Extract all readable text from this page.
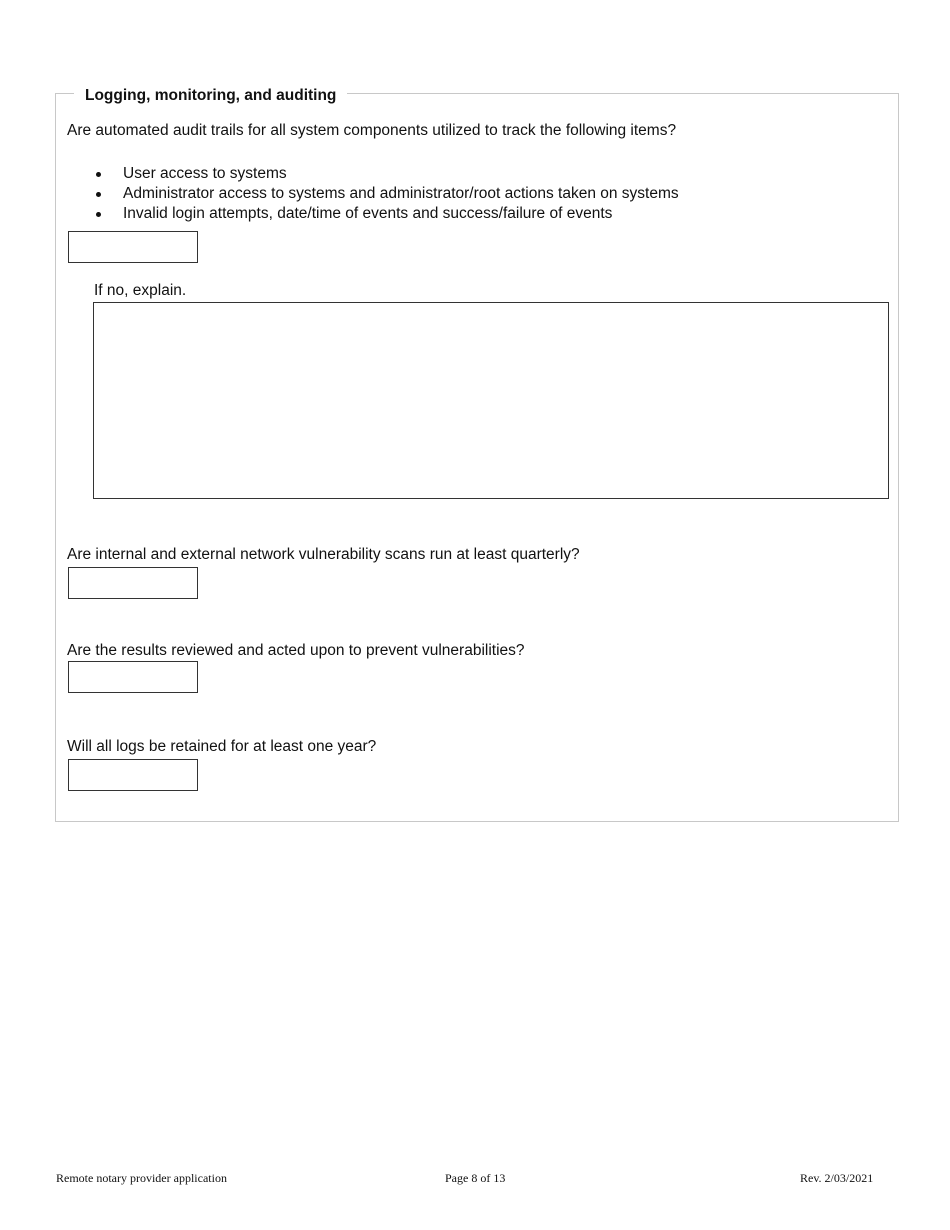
Logging, monitoring, and auditing
Are automated audit trails for all system components utilized to track the following items?
User access to systems
Administrator access to systems and administrator/root actions taken on systems
Invalid login attempts, date/time of events and success/failure of events
If no, explain.
Are internal and external network vulnerability scans run at least quarterly?
Are the results reviewed and acted upon to prevent vulnerabilities?
Will all logs be retained for at least one year?
Remote notary provider application	Page 8 of 13	Rev. 2/03/2021
